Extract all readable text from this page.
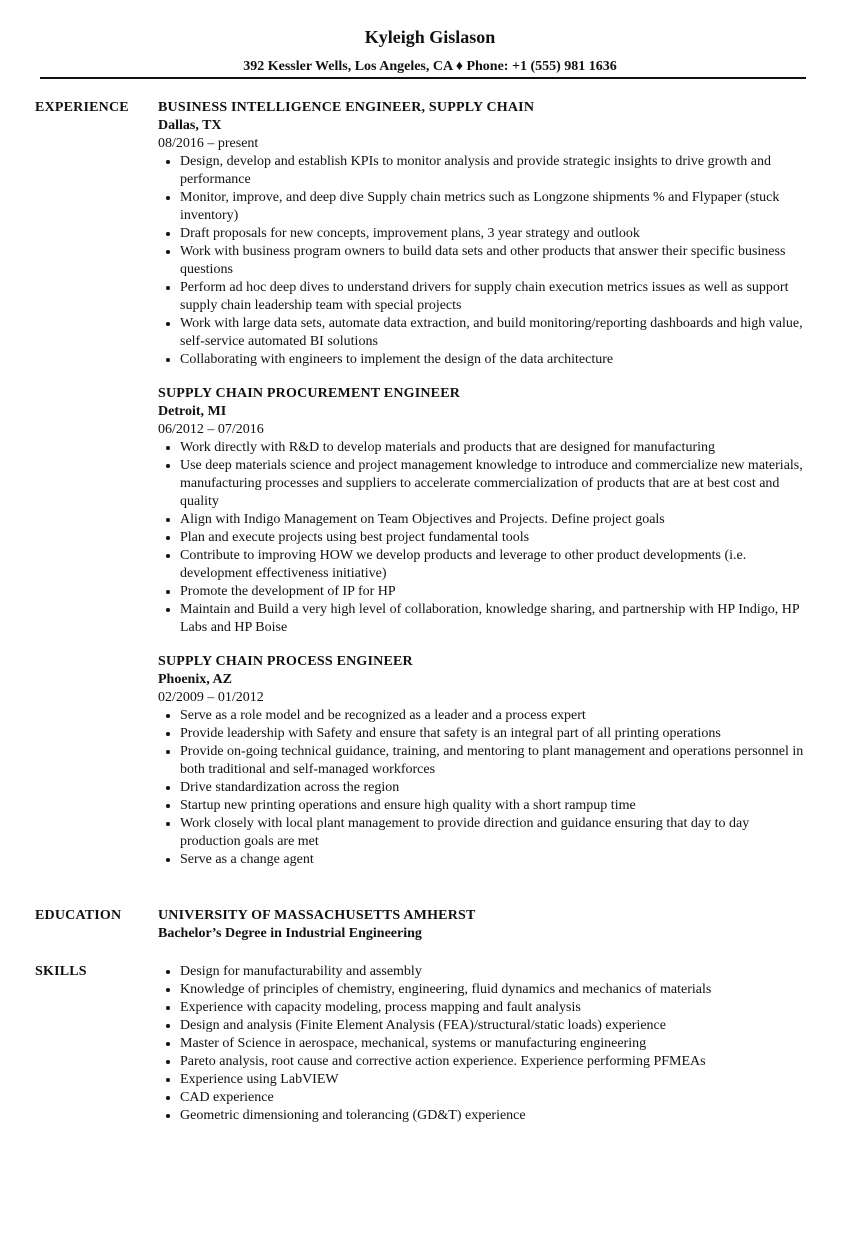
Kyleigh Gislason
392 Kessler Wells, Los Angeles, CA ♦ Phone: +1 (555) 981 1636
EXPERIENCE BUSINESS INTELLIGENCE ENGINEER, SUPPLY CHAIN
Dallas, TX
08/2016 – present
• Design, develop and establish KPIs to monitor analysis and provide strategic insights to drive growth and performance
• Monitor, improve, and deep dive Supply chain metrics such as Longzone shipments % and Flypaper (stuck inventory)
• Draft proposals for new concepts, improvement plans, 3 year strategy and outlook
• Work with business program owners to build data sets and other products that answer their specific business questions
• Perform ad hoc deep dives to understand drivers for supply chain execution metrics issues as well as support supply chain leadership team with special projects
• Work with large data sets, automate data extraction, and build monitoring/reporting dashboards and high value, self-service automated BI solutions
• Collaborating with engineers to implement the design of the data architecture
SUPPLY CHAIN PROCUREMENT ENGINEER
Detroit, MI
06/2012 – 07/2016
• Work directly with R&D to develop materials and products that are designed for manufacturing
• Use deep materials science and project management knowledge to introduce and commercialize new materials, manufacturing processes and suppliers to accelerate commercialization of products that are at best cost and quality
• Align with Indigo Management on Team Objectives and Projects. Define project goals
• Plan and execute projects using best project fundamental tools
• Contribute to improving HOW we develop products and leverage to other product developments (i.e. development effectiveness initiative)
• Promote the development of IP for HP
• Maintain and Build a very high level of collaboration, knowledge sharing, and partnership with HP Indigo, HP Labs and HP Boise
SUPPLY CHAIN PROCESS ENGINEER
Phoenix, AZ
02/2009 – 01/2012
• Serve as a role model and be recognized as a leader and a process expert
• Provide leadership with Safety and ensure that safety is an integral part of all printing operations
• Provide on-going technical guidance, training, and mentoring to plant management and operations personnel in both traditional and self-managed workforces
• Drive standardization across the region
• Startup new printing operations and ensure high quality with a short rampup time
• Work closely with local plant management to provide direction and guidance ensuring that day to day production goals are met
• Serve as a change agent
EDUCATION	UNIVERSITY OF MASSACHUSETTS AMHERST
Bachelor’s Degree in Industrial Engineering
SKILLS
•	Design for manufacturability and assembly
• Knowledge of principles of chemistry, engineering, fluid dynamics and mechanics of materials
• Experience with capacity modeling, process mapping and fault analysis
• Design and analysis (Finite Element Analysis (FEA)/structural/static loads) experience
• Master of Science in aerospace, mechanical, systems or manufacturing engineering
• Pareto analysis, root cause and corrective action experience. Experience performing PFMEAs
• Experience using LabVIEW
• CAD experience
• Geometric dimensioning and tolerancing (GD&T) experience
